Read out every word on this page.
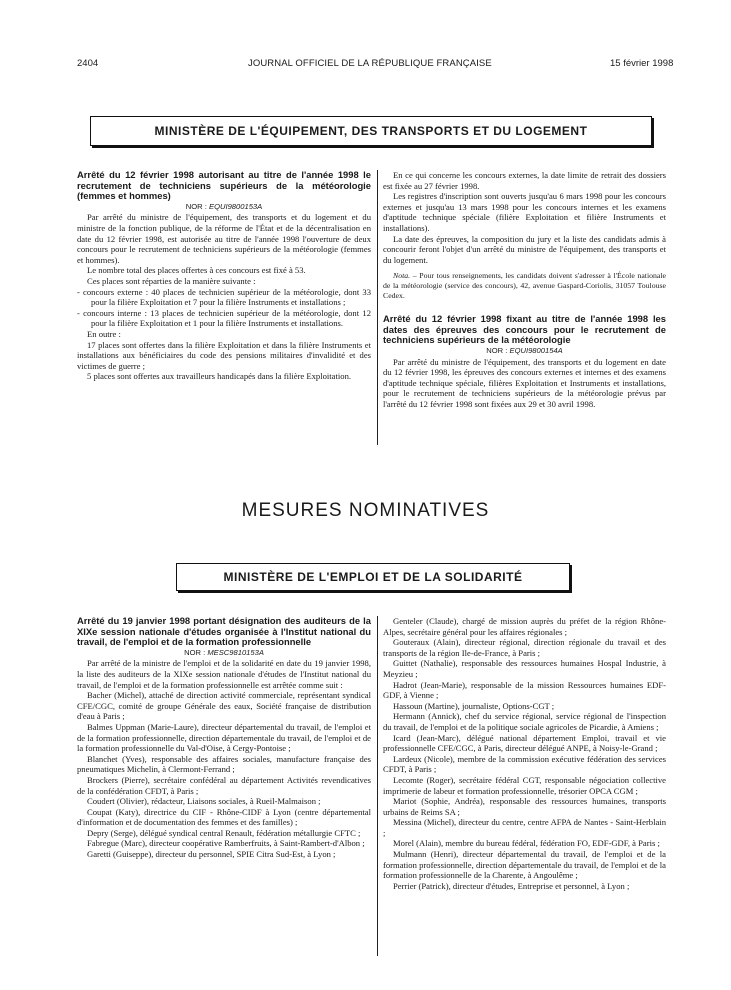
2404	JOURNAL OFFICIEL DE LA RÉPUBLIQUE FRANÇAISE	15 février 1998
MINISTÈRE DE L'ÉQUIPEMENT, DES TRANSPORTS ET DU LOGEMENT

Arrêté du 12 février 1998 autorisant au titre de l'année 1998 le recrutement de techniciens supérieurs de la météorologie (femmes et hommes)

NOR : EQUI9800153A

Par arrêté du ministre de l'équipement, des transports et du logement et du ministre de la fonction publique, de la réforme de l'État et de la décentralisation en date du 12 février 1998, est autorisée au titre de l'année 1998 l'ouverture de deux concours pour le recrutement de techniciens supérieurs de la météorologie (femmes et hommes).

Le nombre total des places offertes à ces concours est fixé à 53.

Ces places sont réparties de la manière suivante :

- concours externe : 40 places de technicien supérieur de la météorologie, dont 33 pour la filière Exploitation et 7 pour la filière Instruments et installations ;

- concours interne : 13 places de technicien supérieur de la météorologie, dont 12 pour la filière Exploitation et 1 pour la filière Instruments et installations.

En outre :

17 places sont offertes dans la filière Exploitation et dans la filière Instruments et installations aux bénéficiaires du code des pensions militaires d'invalidité et des victimes de guerre ;

5 places sont offertes aux travailleurs handicapés dans la filière Exploitation.

En ce qui concerne les concours externes, la date limite de retrait des dossiers est fixée au 27 février 1998.

Les registres d'inscription sont ouverts jusqu'au 6 mars 1998 pour les concours externes et jusqu'au 13 mars 1998 pour les concours internes et les examens d'aptitude technique spéciale (filière Exploitation et filière Instruments et installations).

La date des épreuves, la composition du jury et la liste des candidats admis à concourir feront l'objet d'un arrêté du ministre de l'équipement, des transports et du logement.

Nota. – Pour tous renseignements, les candidats doivent s'adresser à l'École nationale de la météorologie (service des concours), 42, avenue Gaspard-Coriolis, 31057 Toulouse Cedex.

Arrêté du 12 février 1998 fixant au titre de l'année 1998 les dates des épreuves des concours pour le recrutement de techniciens supérieurs de la météorologie

NOR : EQUI9800154A

Par arrêté du ministre de l'équipement, des transports et du logement en date du 12 février 1998, les épreuves des concours externes et internes et des examens d'aptitude technique spéciale, filières Exploitation et Instruments et installations, pour le recrutement de techniciens supérieurs de la météorologie prévus par l'arrêté du 12 février 1998 sont fixées aux 29 et 30 avril 1998.

MESURES NOMINATIVES
MINISTÈRE DE L'EMPLOI ET DE LA SOLIDARITÉ

Arrêté du 19 janvier 1998 portant désignation des auditeurs de la XIXe session nationale d'études organisée à l'Institut national du travail, de l'emploi et de la formation professionnelle

NOR : MESC9810153A

Par arrêté de la ministre de l'emploi et de la solidarité en date du 19 janvier 1998, la liste des auditeurs de la XIXe session nationale d'études de l'Institut national du travail, de l'emploi et de la formation professionnelle est arrêtée comme suit :

Bacher (Michel), attaché de direction activité commerciale, représentant syndical CFE/CGC, comité de groupe Générale des eaux, Société française de distribution d'eau à Paris ;

Balmes Uppman (Marie-Laure), directeur départemental du travail, de l'emploi et de la formation professionnelle, direction départementale du travail, de l'emploi et de la formation professionnelle du Val-d'Oise, à Cergy-Pontoise ;

Blanchet (Yves), responsable des affaires sociales, manufacture française des pneumatiques Michelin, à Clermont-Ferrand ;

Brockers (Pierre), secrétaire confédéral au département Activités revendicatives de la confédération CFDT, à Paris ;

Coudert (Olivier), rédacteur, Liaisons sociales, à Rueil-Malmaison ;

Coupat (Katy), directrice du CIF - Rhône-CIDF à Lyon (centre départemental d'information et de documentation des femmes et des familles) ;

Depry (Serge), délégué syndical central Renault, fédération métallurgie CFTC ;

Fabregue (Marc), directeur coopérative Ramberfruits, à Saint-Rambert-d'Albon ;

Garetti (Guiseppe), directeur du personnel, SPIE Citra Sud-Est, à Lyon ;

Genteler (Claude), chargé de mission auprès du préfet de la région Rhône-Alpes, secrétaire général pour les affaires régionales ;

Gouteraux (Alain), directeur régional, direction régionale du travail et des transports de la région Ile-de-France, à Paris ;

Guittet (Nathalie), responsable des ressources humaines Hospal Industrie, à Meyzieu ;

Hadrot (Jean-Marie), responsable de la mission Ressources humaines EDF-GDF, à Vienne ;

Hassoun (Martine), journaliste, Options-CGT ;

Hermann (Annick), chef du service régional, service régional de l'inspection du travail, de l'emploi et de la politique sociale agricoles de Picardie, à Amiens ;

Icard (Jean-Marc), délégué national département Emploi, travail et vie professionnelle CFE/CGC, à Paris, directeur délégué ANPE, à Noisy-le-Grand ;

Lardeux (Nicole), membre de la commission exécutive fédération des services CFDT, à Paris ;

Lecomte (Roger), secrétaire fédéral CGT, responsable négociation collective imprimerie de labeur et formation professionnelle, trésorier OPCA CGM ;

Mariot (Sophie, Andréa), responsable des ressources humaines, transports urbains de Reims SA ;

Messina (Michel), directeur du centre, centre AFPA de Nantes - Saint-Herblain ;

Morel (Alain), membre du bureau fédéral, fédération FO, EDF-GDF, à Paris ;

Mulmann (Henri), directeur départemental du travail, de l'emploi et de la formation professionnelle, direction départementale du travail, de l'emploi et de la formation professionnelle de la Charente, à Angoulême ;

Perrier (Patrick), directeur d'études, Entreprise et personnel, à Lyon ;
